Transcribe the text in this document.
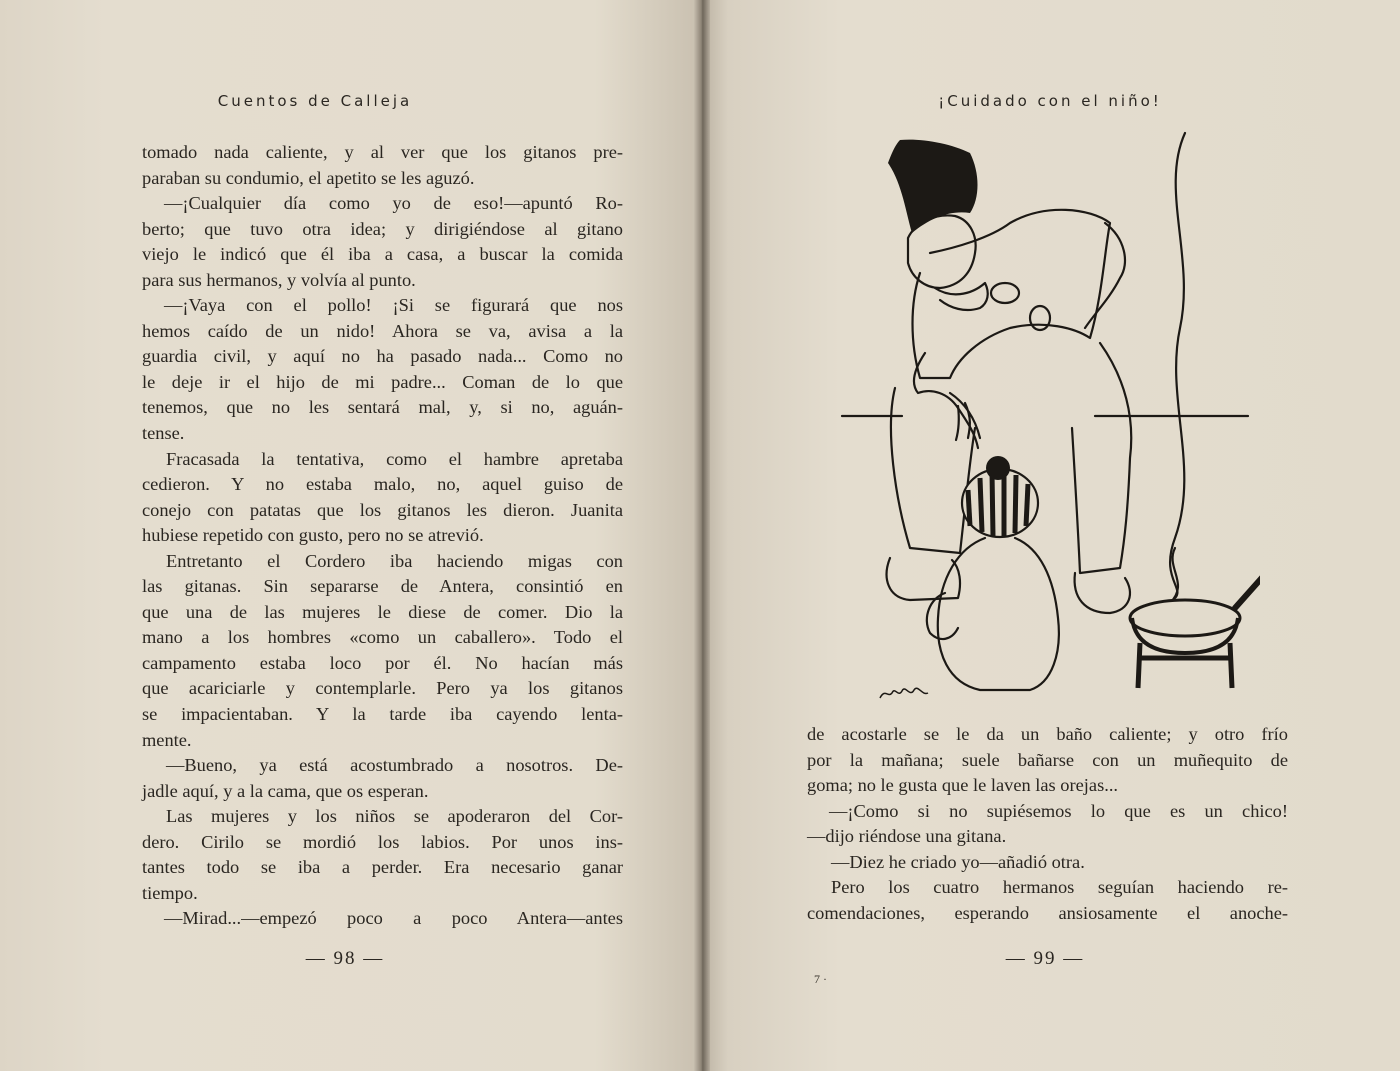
Cuentos de Calleja
tomado nada caliente, y al ver que los gitanos pre-
paraban su condumio, el apetito se les aguzó.
—¡Cualquier día como yo de eso!—apuntó Ro-
berto; que tuvo otra idea; y dirigiéndose al gitano
viejo le indicó que él iba a casa, a buscar la comida
para sus hermanos, y volvía al punto.
—¡Vaya con el pollo! ¡Si se figurará que nos
hemos caído de un nido! Ahora se va, avisa a la
guardia civil, y aquí no ha pasado nada... Como no
le deje ir el hijo de mi padre... Coman de lo que
tenemos, que no les sentará mal, y, si no, aguán-
tense.
Fracasada la tentativa, como el hambre apretaba
cedieron. Y no estaba malo, no, aquel guiso de
conejo con patatas que los gitanos les dieron. Juanita
hubiese repetido con gusto, pero no se atrevió.
Entretanto el Cordero iba haciendo migas con
las gitanas. Sin separarse de Antera, consintió en
que una de las mujeres le diese de comer. Dio la
mano a los hombres «como un caballero». Todo el
campamento estaba loco por él. No hacían más
que acariciarle y contemplarle. Pero ya los gitanos
se impacientaban. Y la tarde iba cayendo lenta-
mente.
—Bueno, ya está acostumbrado a nosotros. De-
jadle aquí, y a la cama, que os esperan.
Las mujeres y los niños se apoderaron del Cor-
dero. Cirilo se mordió los labios. Por unos ins-
tantes todo se iba a perder. Era necesario ganar
tiempo.
—Mirad...—empezó poco a poco Antera—antes
— 98 —
¡Cuidado con el niño!
de acostarle se le da un baño caliente; y otro frío
por la mañana; suele bañarse con un muñequito de
goma; no le gusta que le laven las orejas...
—¡Como si no supiésemos lo que es un chico!
—dijo riéndose una gitana.
—Diez he criado yo—añadió otra.
Pero los cuatro hermanos seguían haciendo re-
comendaciones, esperando ansiosamente el anoche-
— 99 —
7 ·
